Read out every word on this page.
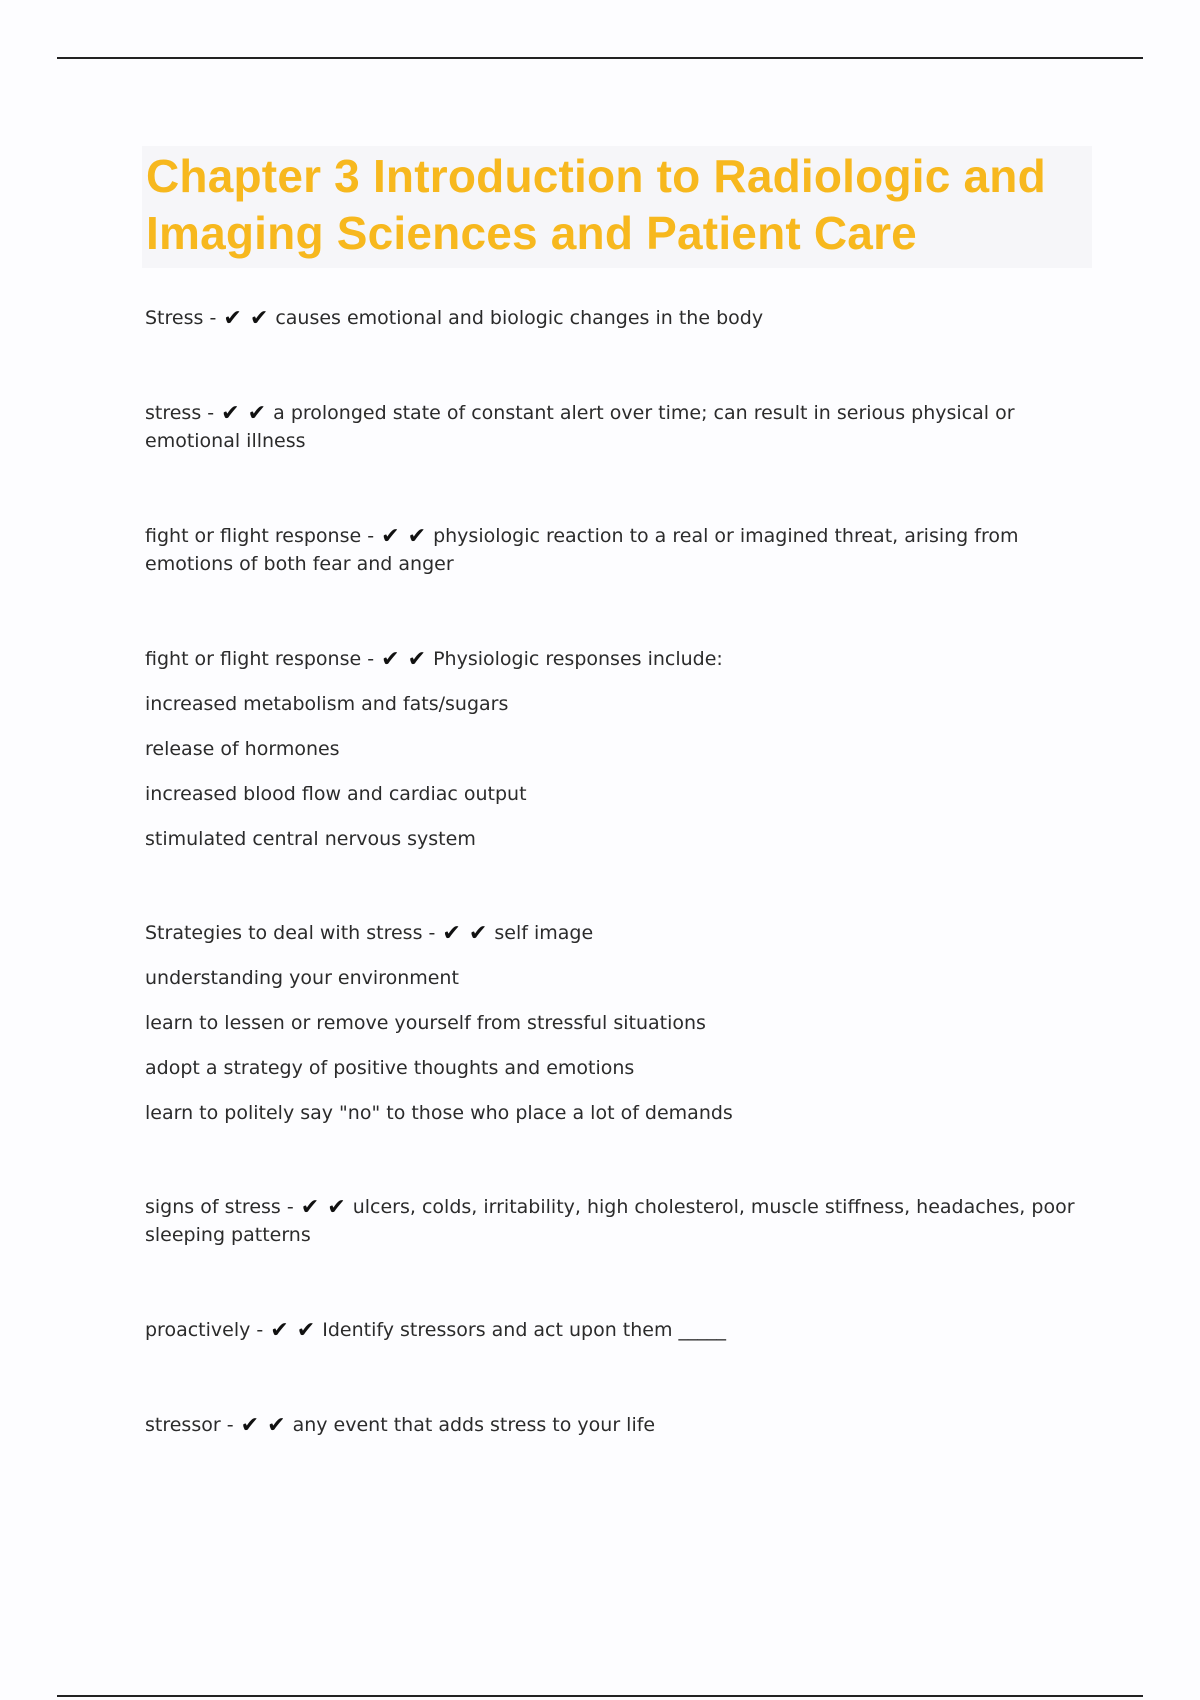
Chapter 3 Introduction to Radiologic and Imaging Sciences and Patient Care
Stress - ✔ ✔ causes emotional and biologic changes in the body
stress - ✔ ✔ a prolonged state of constant alert over time; can result in serious physical or emotional illness
fight or flight response - ✔ ✔ physiologic reaction to a real or imagined threat, arising from emotions of both fear and anger
fight or flight response - ✔ ✔ Physiologic responses include:
increased metabolism and fats/sugars
release of hormones
increased blood flow and cardiac output
stimulated central nervous system
Strategies to deal with stress - ✔ ✔ self image
understanding your environment
learn to lessen or remove yourself from stressful situations
adopt a strategy of positive thoughts and emotions
learn to politely say "no" to those who place a lot of demands
signs of stress - ✔ ✔ ulcers, colds, irritability, high cholesterol, muscle stiffness, headaches, poor sleeping patterns
proactively - ✔ ✔ Identify stressors and act upon them _____
stressor - ✔ ✔ any event that adds stress to your life
